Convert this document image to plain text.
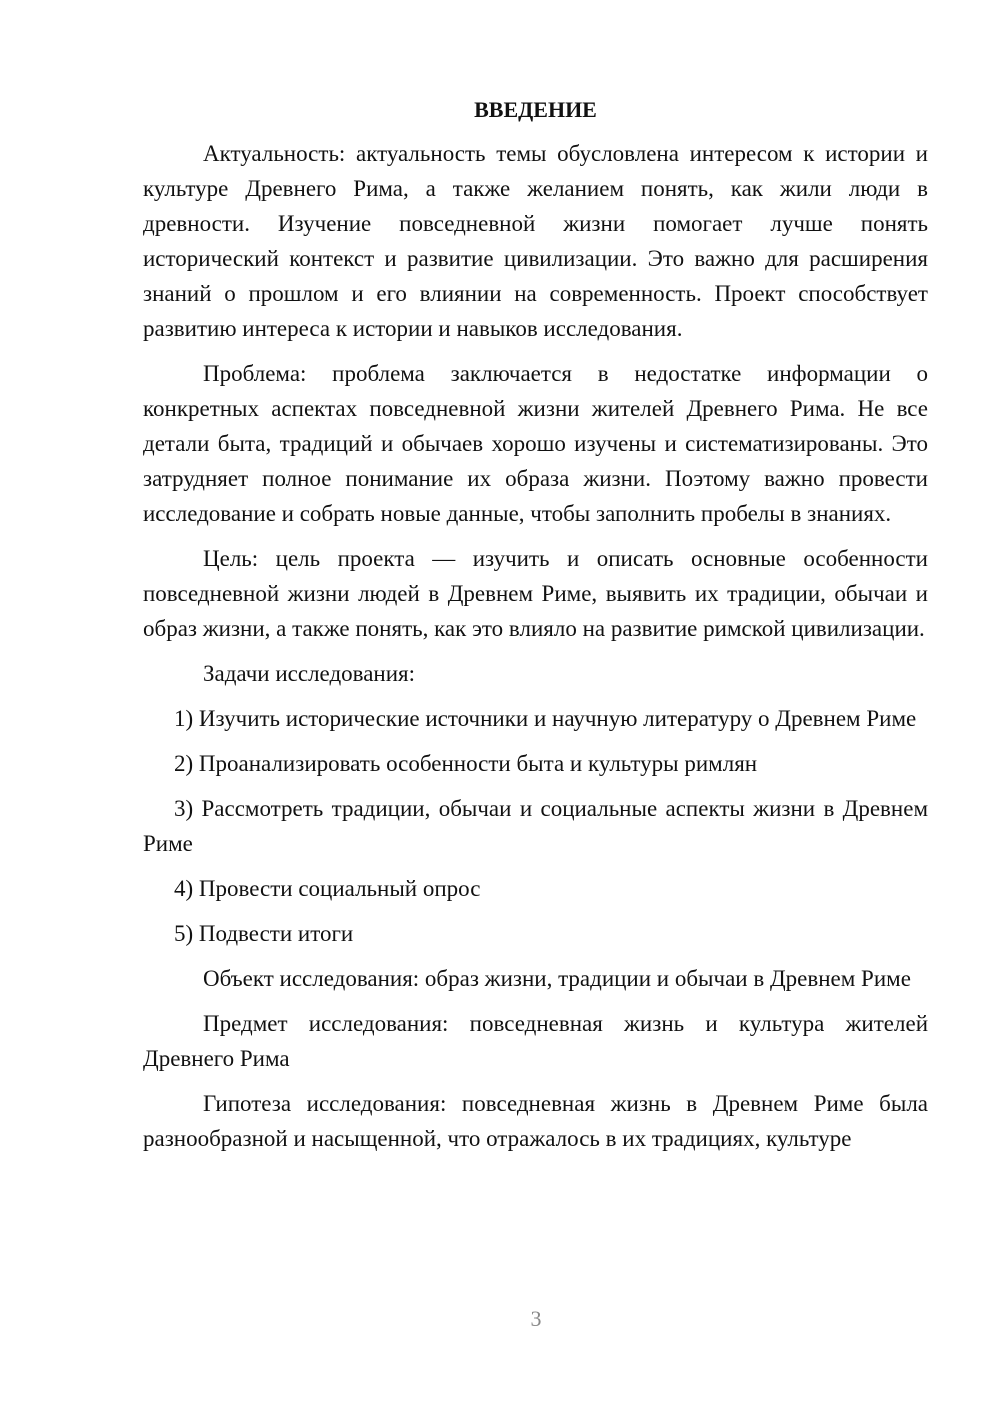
ВВЕДЕНИЕ

Актуальность: актуальность темы обусловлена интересом к истории и культуре Древнего Рима, а также желанием понять, как жили люди в древности. Изучение повседневной жизни помогает лучше понять исторический контекст и развитие цивилизации. Это важно для расширения знаний о прошлом и его влиянии на современность. Проект способствует развитию интереса к истории и навыков исследования.

Проблема: проблема заключается в недостатке информации о конкретных аспектах повседневной жизни жителей Древнего Рима. Не все детали быта, традиций и обычаев хорошо изучены и систематизированы. Это затрудняет полное понимание их образа жизни. Поэтому важно провести исследование и собрать новые данные, чтобы заполнить пробелы в знаниях.

Цель: цель проекта — изучить и описать основные особенности повседневной жизни людей в Древнем Риме, выявить их традиции, обычаи и образ жизни, а также понять, как это влияло на развитие римской цивилизации.

Задачи исследования:

1) Изучить исторические источники и научную литературу о Древнем Риме

2) Проанализировать особенности быта и культуры римлян

3) Рассмотреть традиции, обычаи и социальные аспекты жизни в Древнем Риме

4) Провести социальный опрос

5) Подвести итоги

Объект исследования: образ жизни, традиции и обычаи в Древнем Риме

Предмет исследования: повседневная жизнь и культура жителей Древнего Рима

Гипотеза исследования: повседневная жизнь в Древнем Риме была разнообразной и насыщенной, что отражалось в их традициях, культуре

3
